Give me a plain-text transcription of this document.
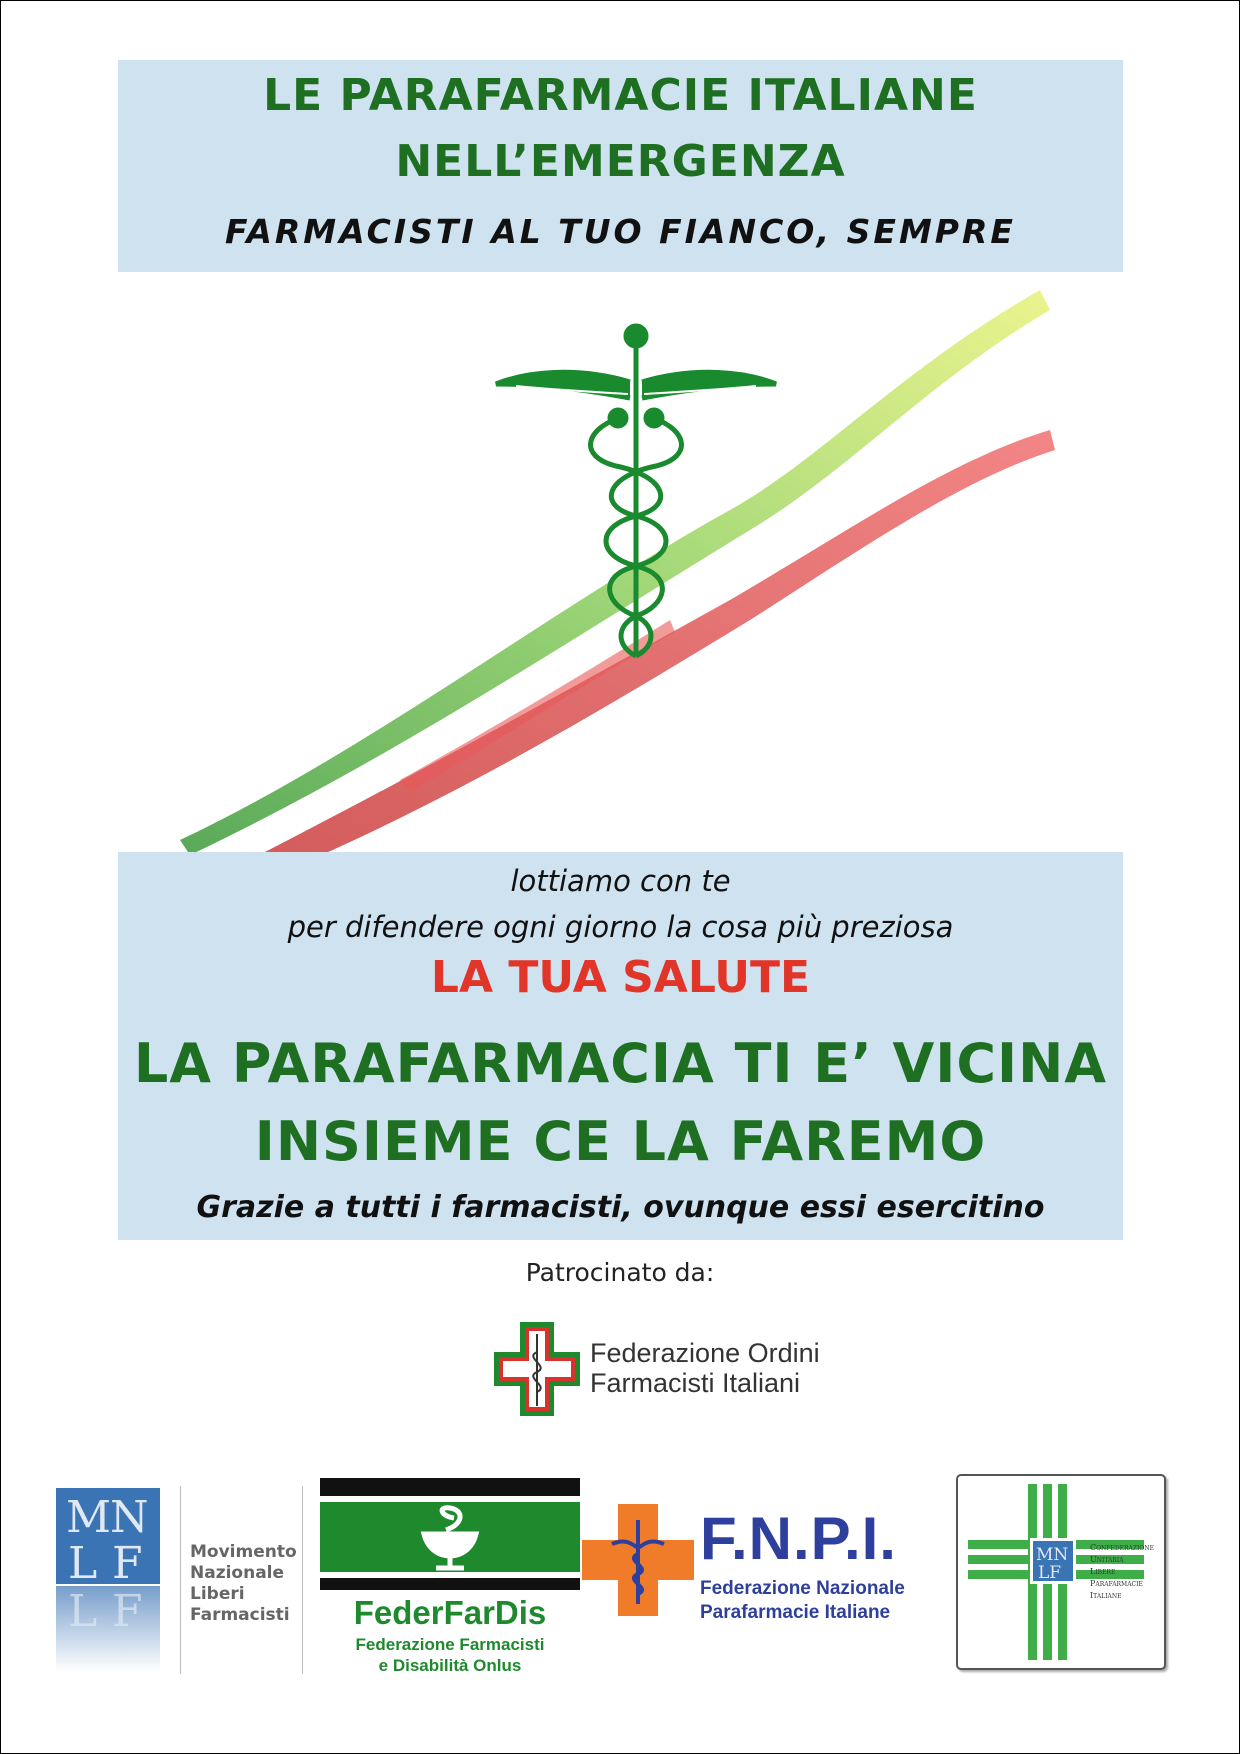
LE PARAFARMACIE ITALIANE
NELL’EMERGENZA
FARMACISTI AL TUO FIANCO, SEMPRE
lottiamo con te
per difendere ogni giorno la cosa più preziosa
LA TUA SALUTE
LA PARAFARMACIA TI E’ VICINA
INSIEME CE LA FAREMO
Grazie a tutti i farmacisti, ovunque essi esercitino
Patrocinato da:
Federazione Ordini
Farmacisti Italiani
M
N
L F
L F
Movimento
Nazionale
Liberi
Farmacisti	FederFarDis
Federazione Farmacisti
e Disabilità Onlus
F.N.P.I.
Federazione Nazionale
Parafarmacie Italiane
MN
LF
Confederazione
Unitaria
Libere
Parafarmacie
Italiane
